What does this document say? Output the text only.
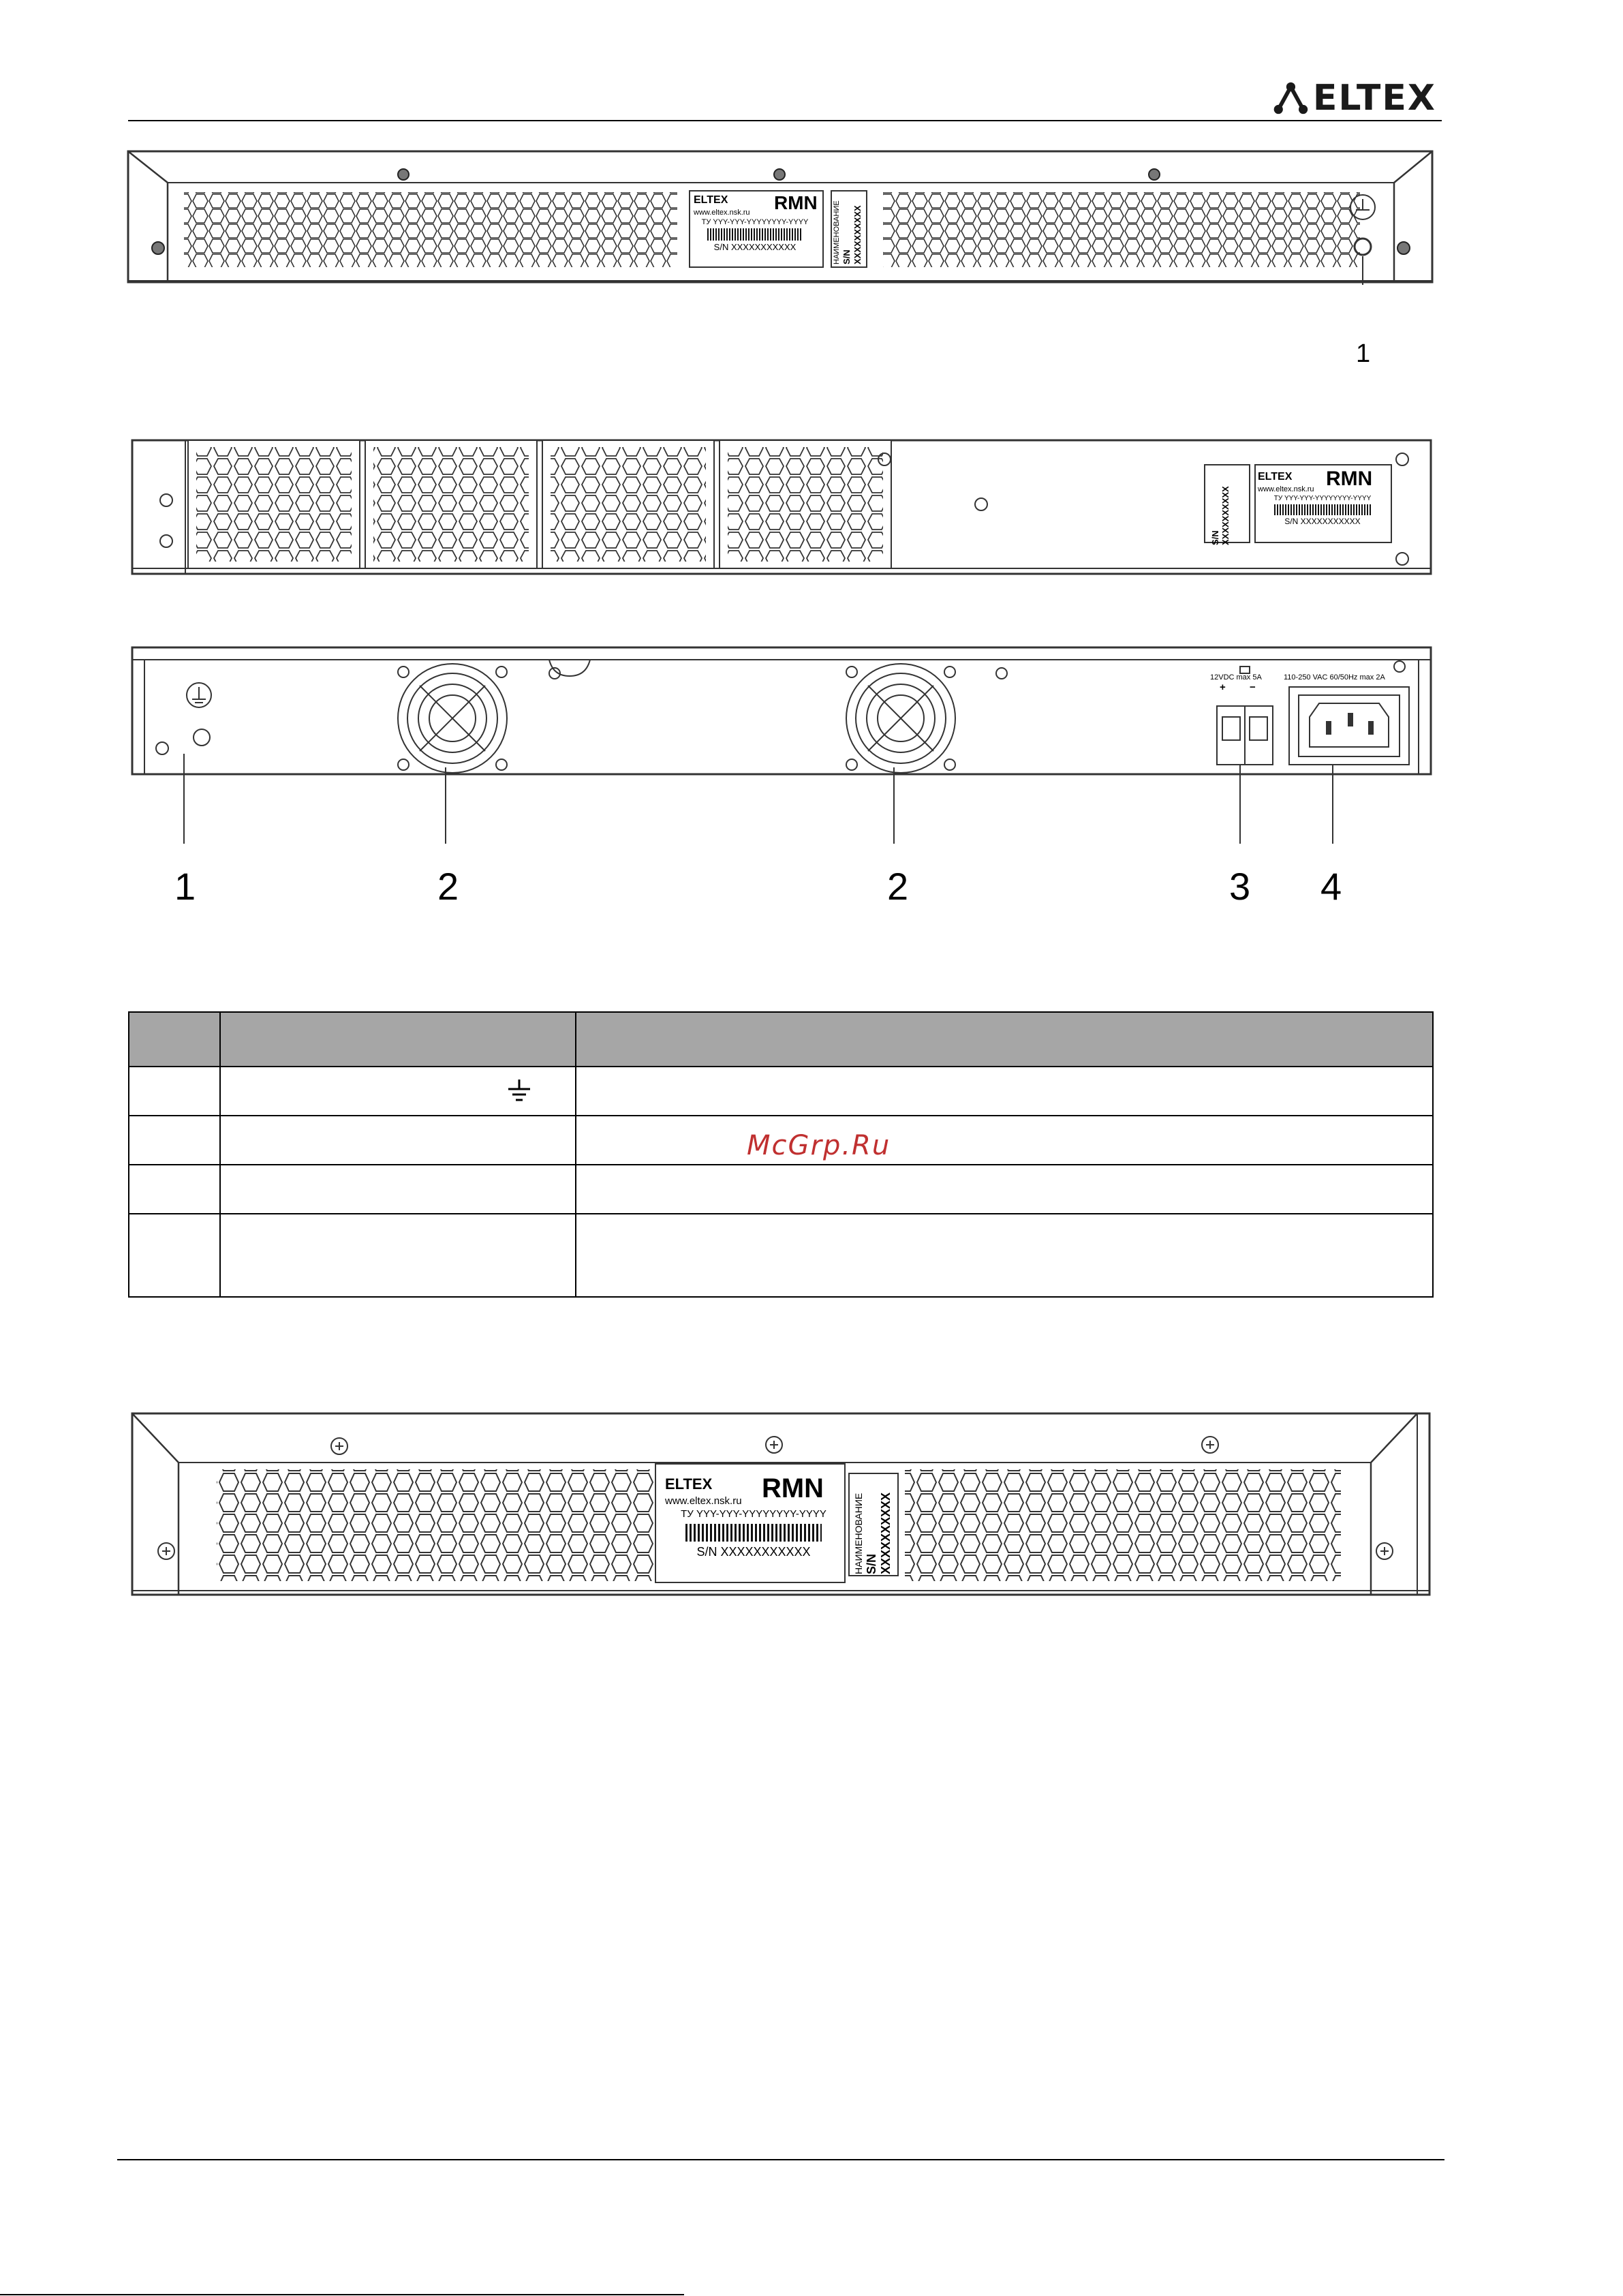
ELTEX
ELTEX
www.eltex.nsk.ru
ТУ YYY-YYY-YYYYYYYY-YYYY
S/N XXXXXXXXXXX
ИМЯ НАИМЕНОВАНИЕ S/N XXXXXXXXXX
1
ELTEX
www.eltex.nsk.ru
ТУ YYY-YYY-YYYYYYYY-YYYY
S/N XXXXXXXXXXX
ИМЯ
S/N XXXXXXXXXX
12VDC max 5A
+ −
110-250 VAC 60/50Hz max 2A
1	2	2	3 4

McGrp.Ru
ELTEX
www.eltex.nsk.ru
ТУ YYY-YYY-YYYYYYYY-YYYY
S/N XXXXXXXXXXX
ИМЯ
НАИМЕНОВАНИЕ S/N XXXXXXXXXX
